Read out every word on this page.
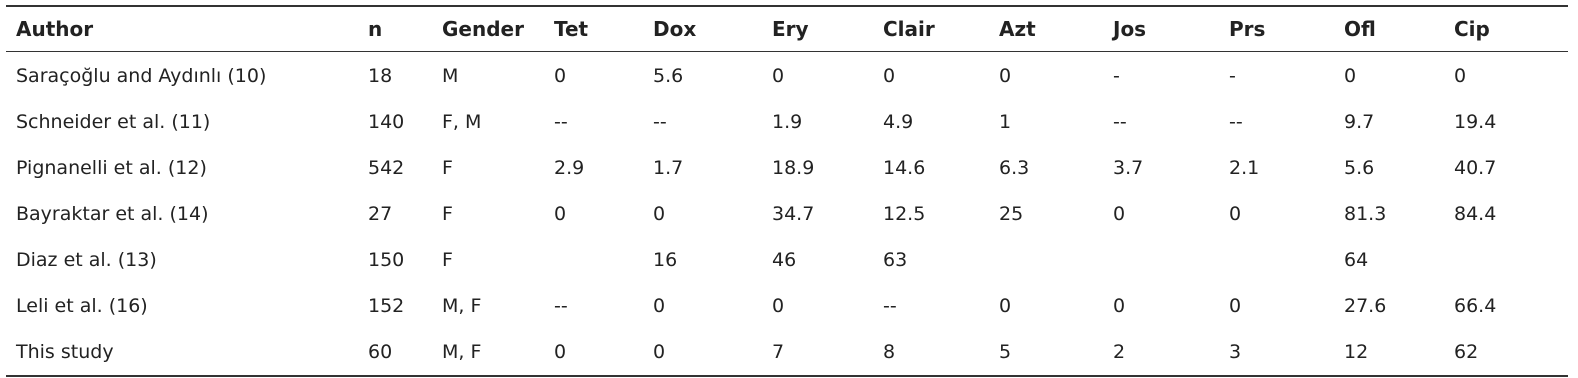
Author	n	Gender	Tet	Dox	Ery	Clair	Azt	Jos	Prs	Ofl	Cip
Saraçoğlu and Aydınlı (10)	18	M	0	5.6	0	0	0	-	-	0	0
Schneider et al. (11)	140	F, M	--	--	1.9	4.9	1	--	--	9.7	19.4
Pignanelli et al. (12)	542	F	2.9	1.7	18.9	14.6	6.3	3.7	2.1	5.6	40.7
Bayraktar et al. (14)	27	F	0	0	34.7	12.5	25	0	0	81.3	84.4
Diaz et al. (13)	150	F		16	46	63				64	
Leli et al. (16)	152	M, F	--	0	0	--	0	0	0	27.6	66.4
This study	60	M, F	0	0	7	8	5	2	3	12	62
